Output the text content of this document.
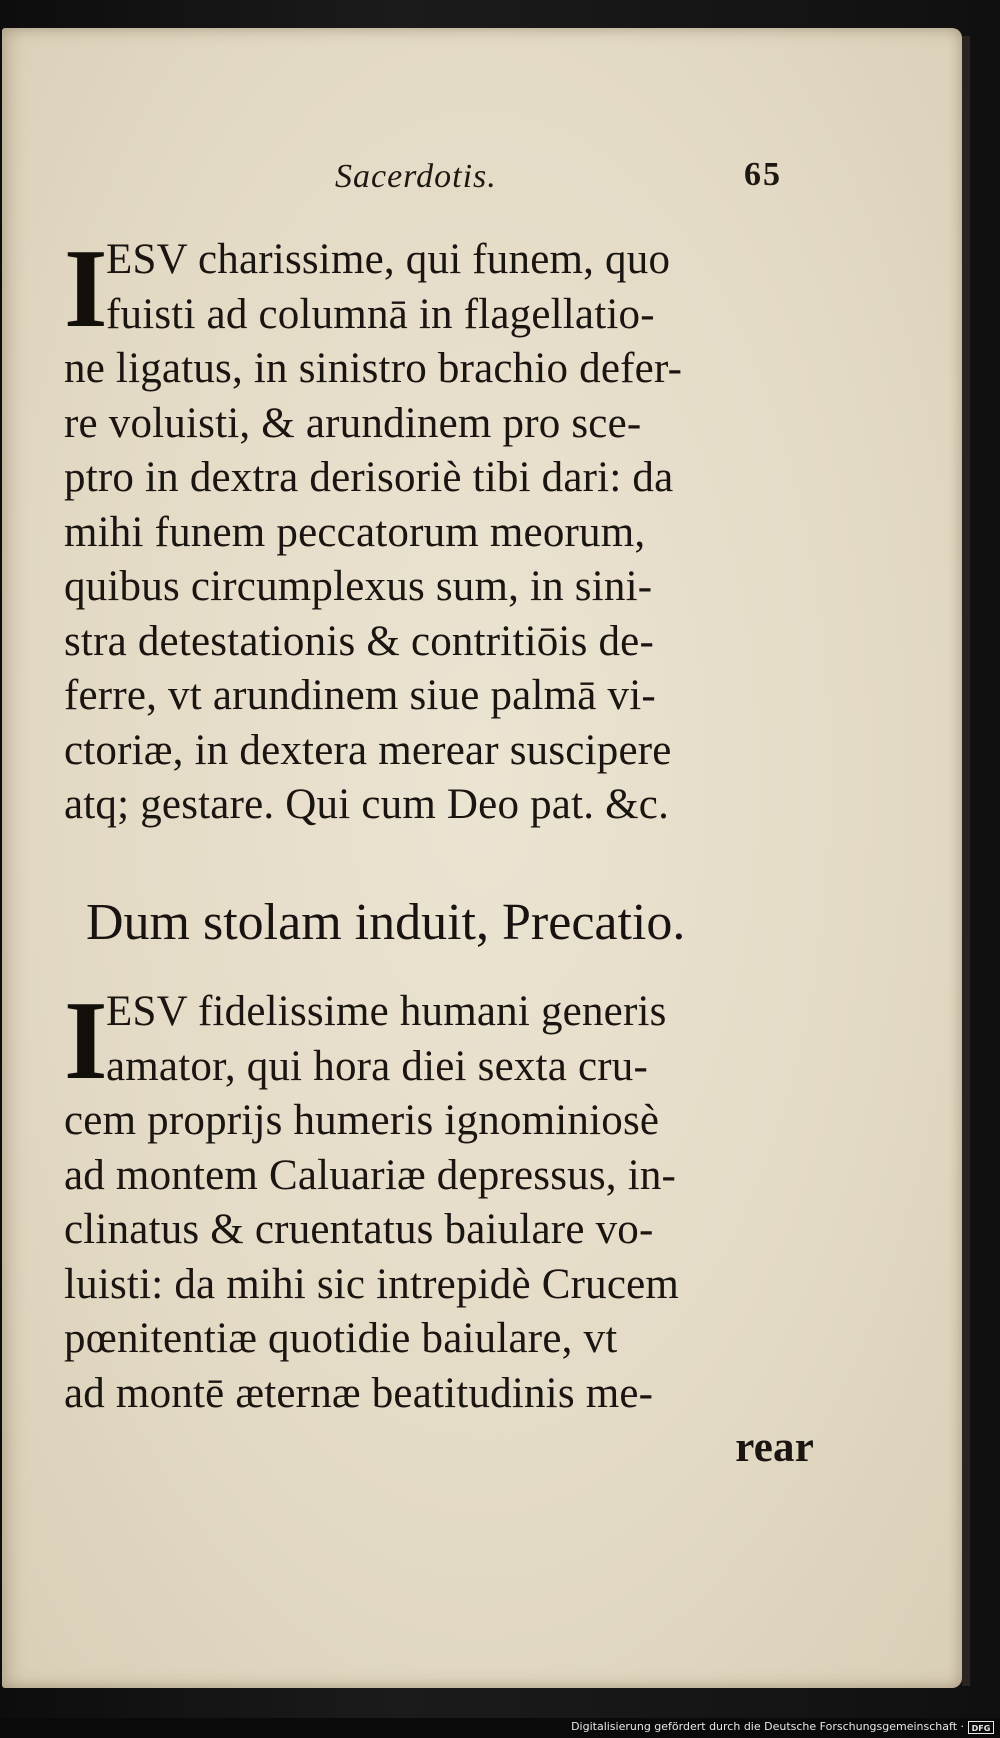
Sacerdotis.	65
I
ESV charissime, qui funem, quo
fuisti ad columnā in flagellatio-
ne ligatus, in sinistro brachio defer-
re voluisti, & arundinem pro sce-
ptro in dextra derisoriè tibi dari: da
mihi funem peccatorum meorum,
quibus circumplexus sum, in sini-
stra detestationis & contritiōis de-
ferre, vt arundinem siue palmā vi-
ctoriæ, in dextera merear suscipere
atq; gestare. Qui cum Deo pat. &c.
Dum stolam induit, Precatio.
I
ESV fidelissime humani generis
amator, qui hora diei sexta cru-
cem proprijs humeris ignominiosè
ad montem Caluariæ depressus, in-
clinatus & cruentatus baiulare vo-
luisti: da mihi sic intrepidè Crucem
pœnitentiæ quotidie baiulare, vt
ad montē æternæ beatitudinis me-
rear
Digitalisierung gefördert durch die Deutsche Forschungsgemeinschaft · DFG
